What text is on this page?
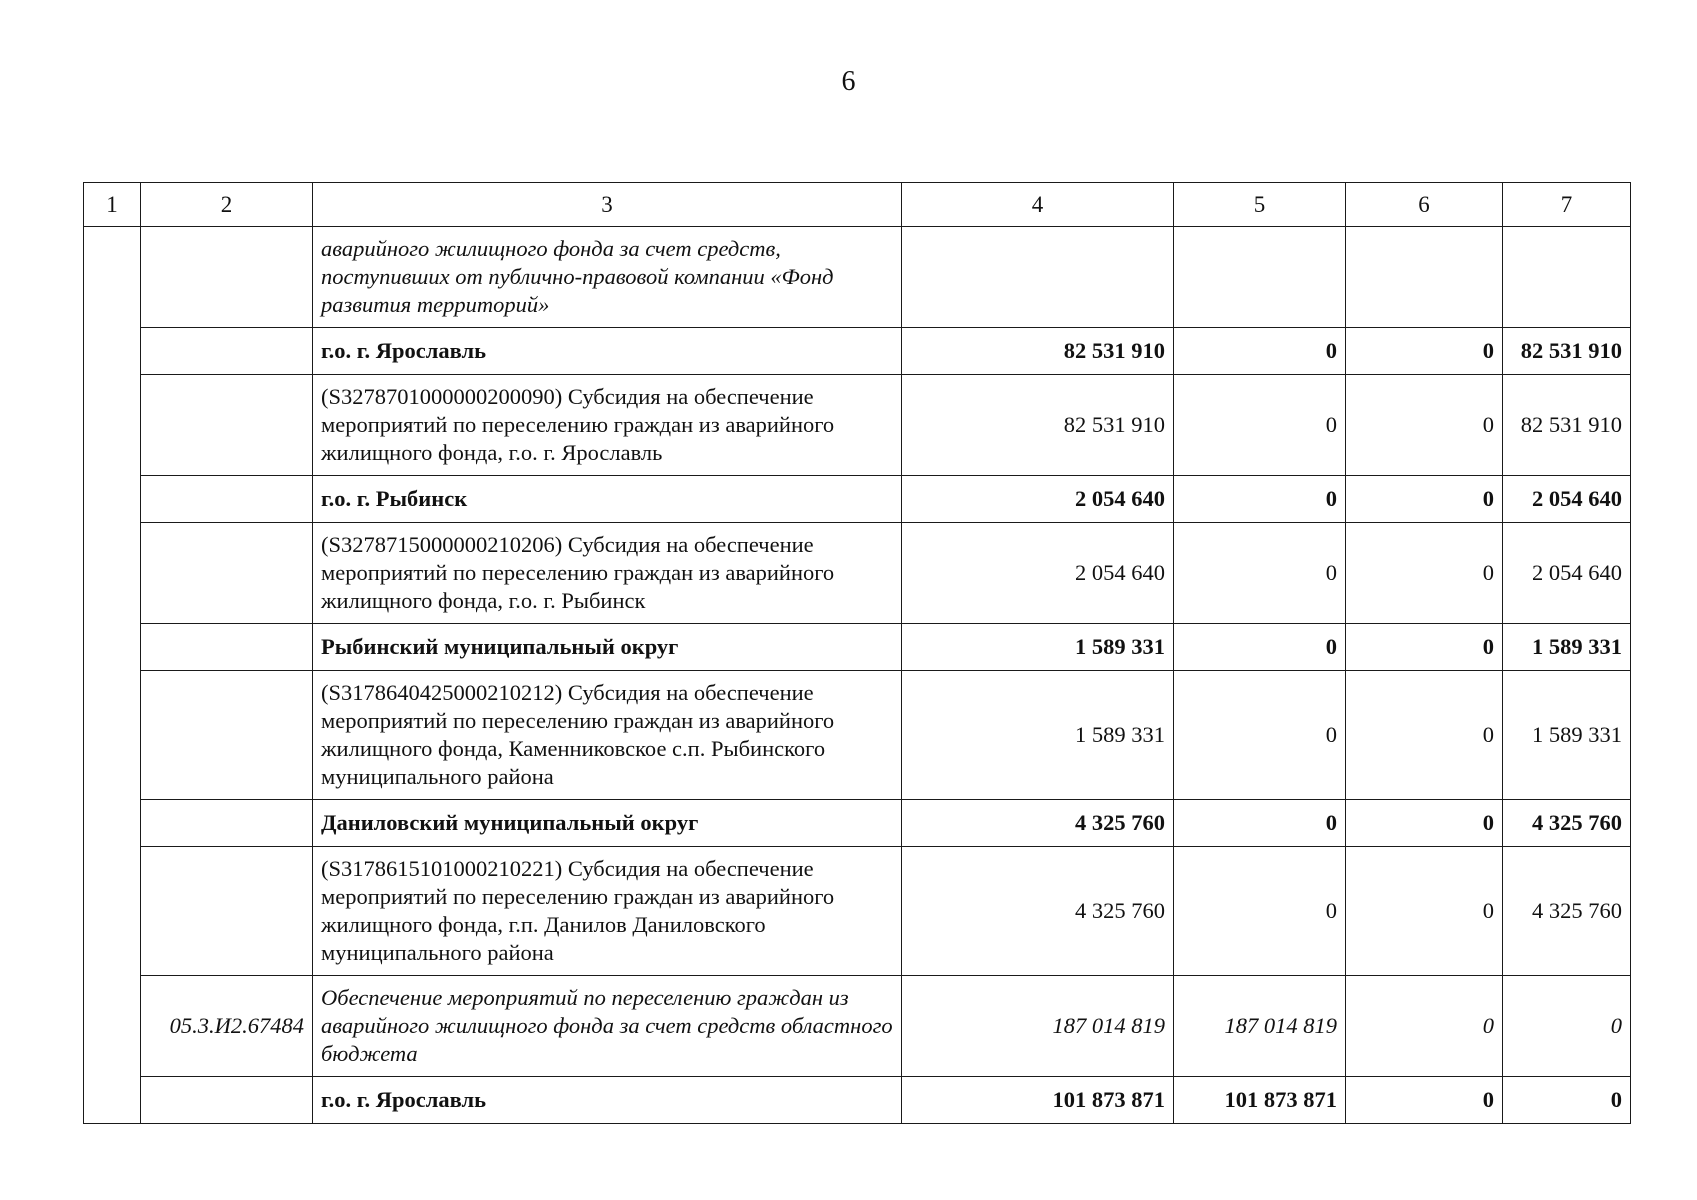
6
1	2	3	4	5	6	7
		аварийного жилищного фонда за счет средств, поступивших от публично-правовой компании «Фонд развития территорий»				
		г.о. г. Ярославль	82 531 910	0	0	82 531 910
		(S3278701000000200090) Субсидия на обеспечение мероприятий по переселению граждан из аварийного жилищного фонда, г.о. г. Ярославль	82 531 910	0	0	82 531 910
		г.о. г. Рыбинск	2 054 640	0	0	2 054 640
		(S3278715000000210206) Субсидия на обеспечение мероприятий по переселению граждан из аварийного жилищного фонда, г.о. г. Рыбинск	2 054 640	0	0	2 054 640
		Рыбинский муниципальный округ	1 589 331	0	0	1 589 331
		(S3178640425000210212) Субсидия на обеспечение мероприятий по переселению граждан из аварийного жилищного фонда, Каменниковское с.п. Рыбинского муниципального района	1 589 331	0	0	1 589 331
		Даниловский муниципальный округ	4 325 760	0	0	4 325 760
		(S3178615101000210221) Субсидия на обеспечение мероприятий по переселению граждан из аварийного жилищного фонда, г.п. Данилов Даниловского муниципального района	4 325 760	0	0	4 325 760
	05.3.И2.67484	Обеспечение мероприятий по переселению граждан из аварийного жилищного фонда за счет средств областного бюджета	187 014 819	187 014 819	0	0
		г.о. г. Ярославль	101 873 871	101 873 871	0	0
